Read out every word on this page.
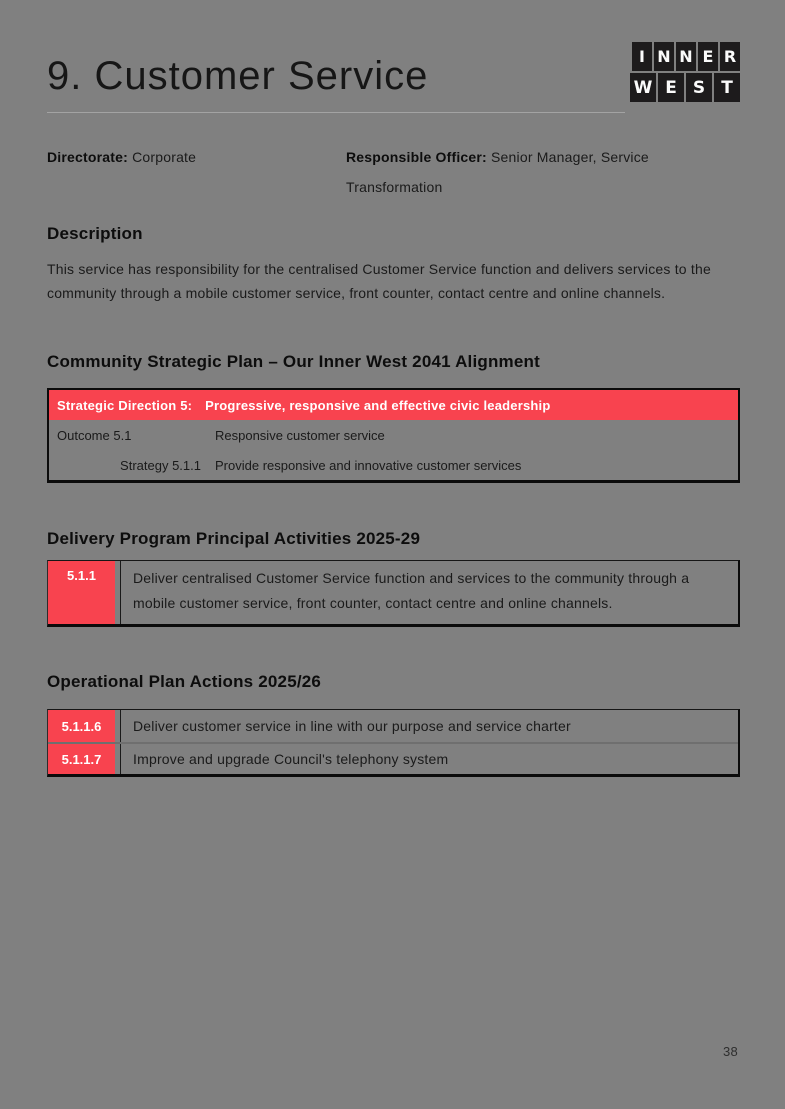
9. Customer Service	I N N E R
W E S T
Directorate: Corporate	Responsible Officer: Senior Manager, Service Transformation
Description

This service has responsibility for the centralised Customer Service function and delivers services to the community through a mobile customer service, front counter, contact centre and online channels.

Community Strategic Plan – Our Inner West 2041 Alignment
Strategic Direction 5: Progressive, responsive and effective civic leadership
Outcome 5.1	Responsive customer service
Strategy 5.1.1	Provide responsive and innovative customer services
Delivery Program Principal Activities 2025-29
5.1.1	Deliver centralised Customer Service function and services to the community through a mobile customer service, front counter, contact centre and online channels.
Operational Plan Actions 2025/26
5.1.1.6	Deliver customer service in line with our purpose and service charter
5.1.1.7	Improve and upgrade Council's telephony system
38
